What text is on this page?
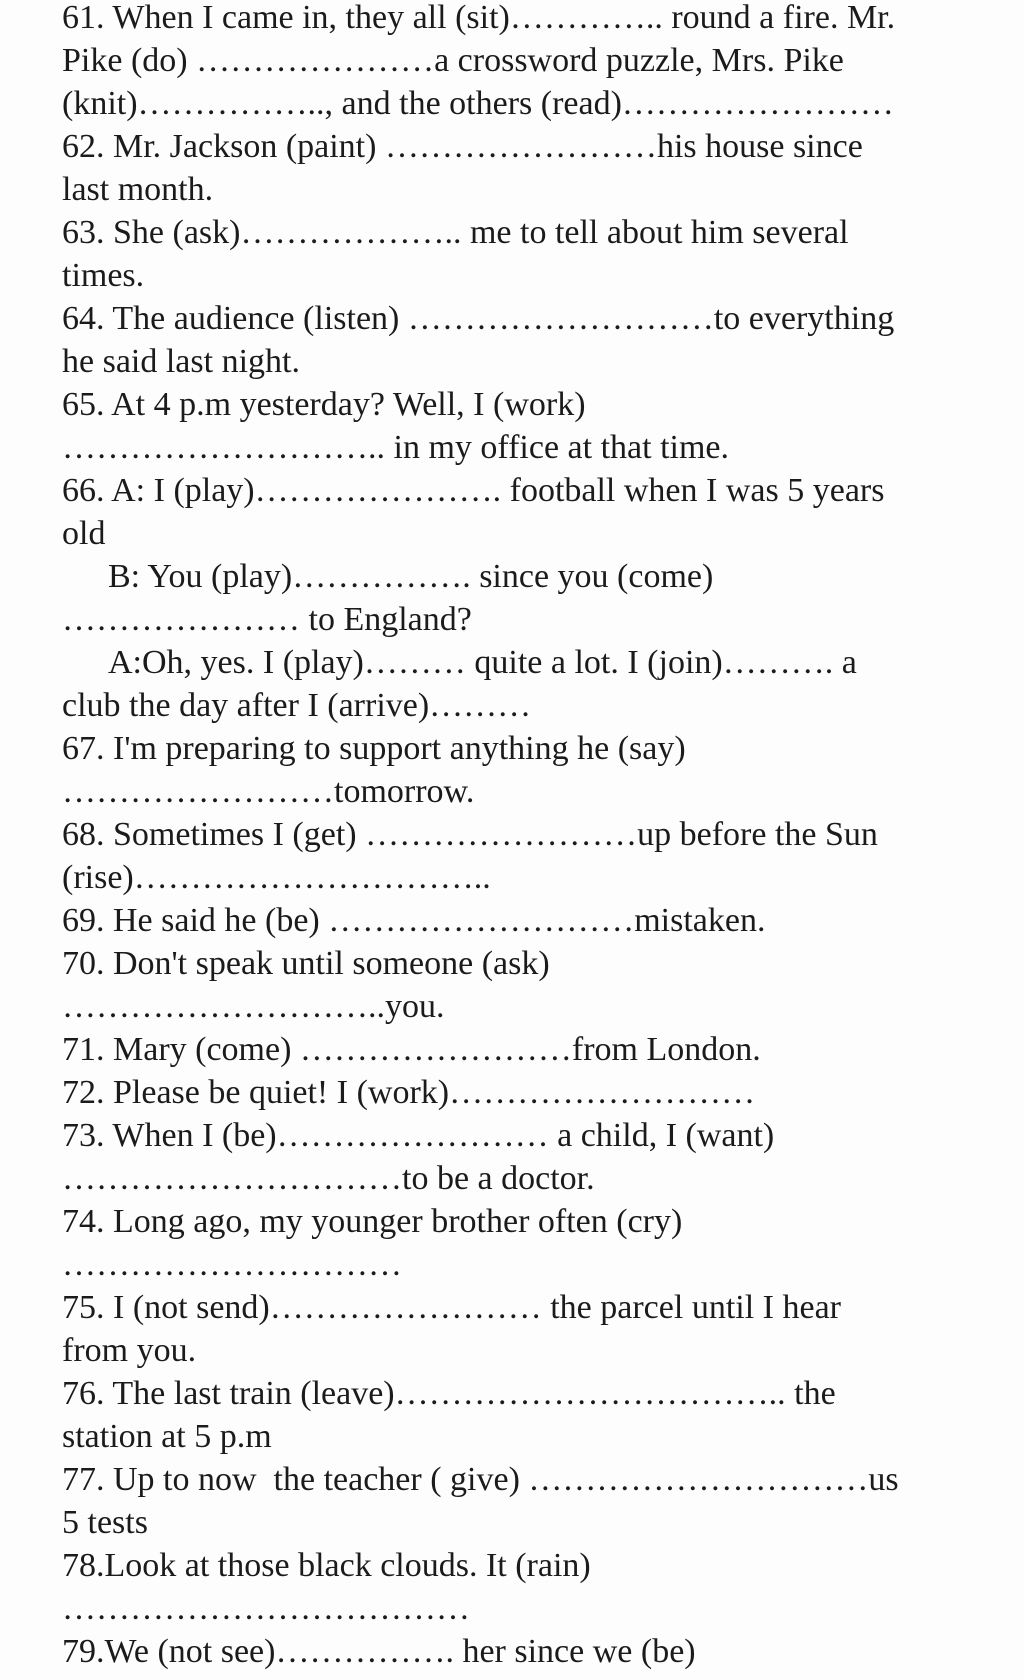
61. When I came in, they all (sit)………….. round a fire. Mr.
Pike (do) …………………a crossword puzzle, Mrs. Pike
(knit)…………….., and the others (read)……………………
62. Mr. Jackson (paint) ……………………his house since
last month.
63. She (ask)……………….. me to tell about him several
times.
64. The audience (listen) ………………………to everything
he said last night.
65. At 4 p.m yesterday? Well, I (work)
……………………….. in my office at that time.
66. A: I (play)…………………. football when I was 5 years
old
B: You (play)……………. since you (come)
………………… to England?
A:Oh, yes. I (play)……… quite a lot. I (join)………. a
club the day after I (arrive)………
67. I'm preparing to support anything he (say)
……………………tomorrow.
68. Sometimes I (get) ……………………up before the Sun
(rise)…………………………..
69. He said he (be) ………………………mistaken.
70. Don't speak until someone (ask)
………………………..you.
71. Mary (come) ……………………from London.
72. Please be quiet! I (work)………………………
73. When I (be)…………………… a child, I (want)
…………………………to be a doctor.
74. Long ago, my younger brother often (cry)
…………………………
75. I (not send)…………………… the parcel until I hear
from you.
76. The last train (leave)…………………………….. the
station at 5 p.m
77. Up to now  the teacher ( give) …………………………us
5 tests
78.Look at those black clouds. It (rain)
………………………………
79.We (not see)……………. her since we (be)
